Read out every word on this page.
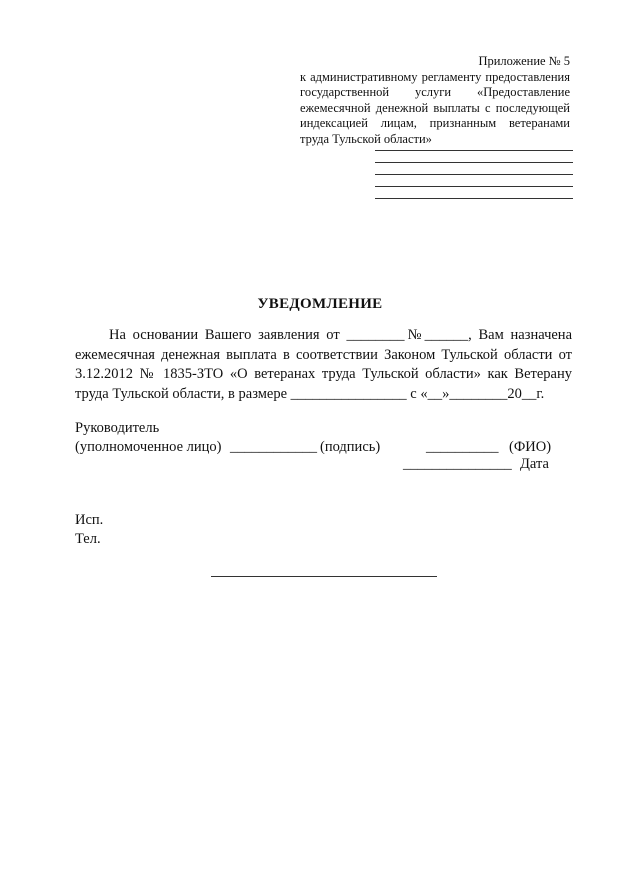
Приложение № 5
к административному регламенту предоставления
государственной услуги «Предоставление
ежемесячной денежной выплаты с последующей
индексацией лицам, признанным ветеранами
труда Тульской области»
УВЕДОМЛЕНИЕ
На основании Вашего заявления от ________№______, Вам назначена
ежемесячная денежная выплата в соответствии Законом Тульской области от
3.12.2012 № 1835-ЗТО «О ветеранах труда Тульской области» как Ветерану
труда Тульской области, в размере ________________ с «__»________20__г.
Руководитель
(уполномоченное лицо) ____________ (подпись)	__________ (ФИО)
_______________ Дата
Исп.
Тел.
